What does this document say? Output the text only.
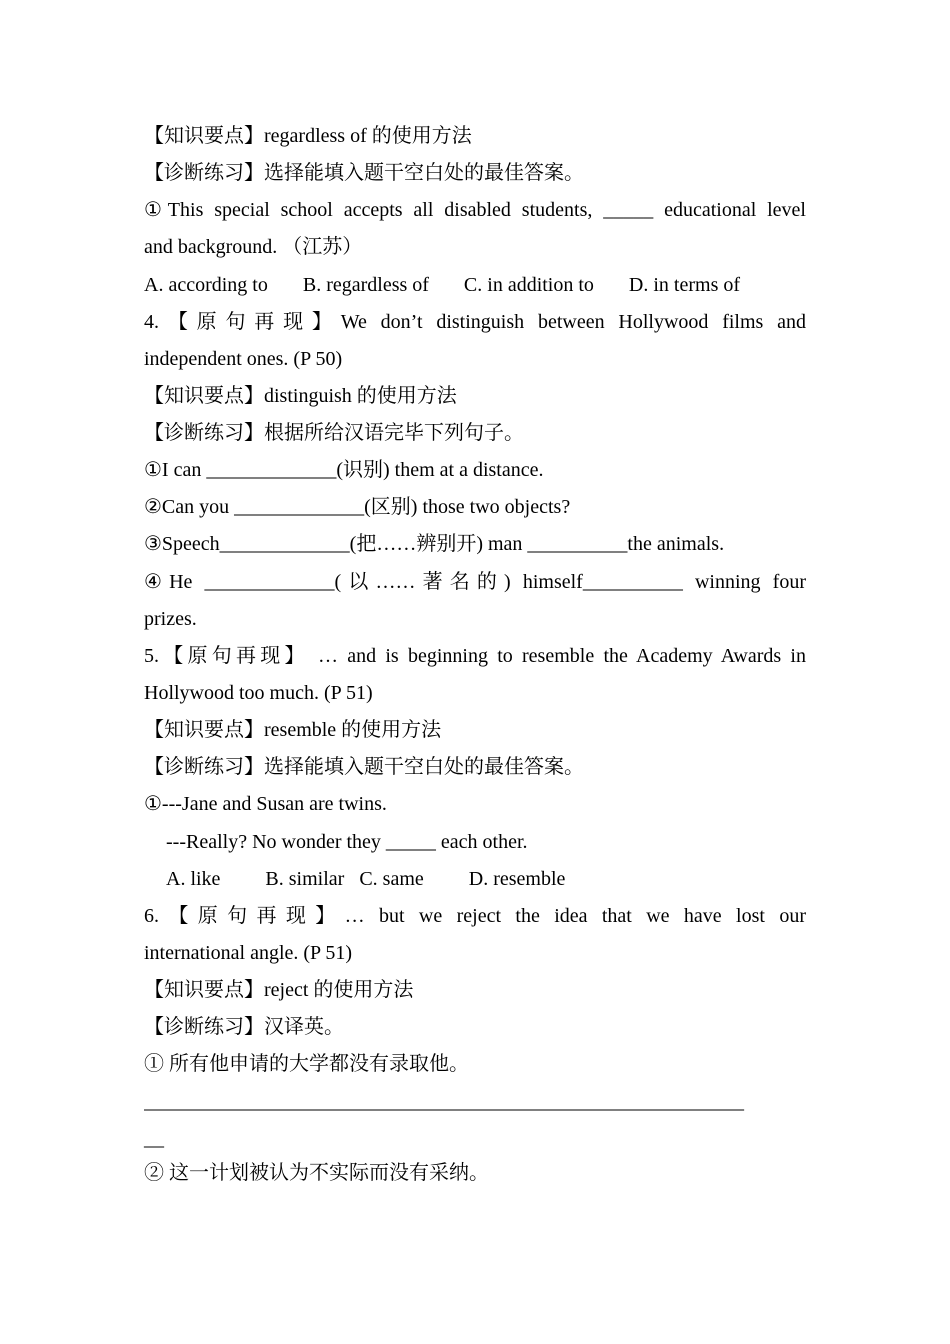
【知识要点】regardless of 的使用方法
【诊断练习】选择能填入题干空白处的最佳答案。
①This special school accepts all disabled students, _____ educational level
and background. （江苏）
A. according to       B. regardless of       C. in addition to       D. in terms of
4.【原句再现】We don’t distinguish between Hollywood films and
independent ones. (P 50)
【知识要点】distinguish 的使用方法
【诊断练习】根据所给汉语完毕下列句子。
①I can _____________(识别) them at a distance.
②Can you _____________(区别) those two objects?
③Speech_____________(把……辨别开) man __________the animals.
④He _____________(以……著名的) himself__________ winning four
prizes.
5.【原句再现】 … and is beginning to resemble the Academy Awards in
Hollywood too much. (P 51)
【知识要点】resemble 的使用方法
【诊断练习】选择能填入题干空白处的最佳答案。
①---Jane and Susan are twins.
---Really? No wonder they _____ each other.
A. like         B. similar   C. same         D. resemble
6.【原句再现】… but we reject the idea that we have lost our
international angle. (P 51)
【知识要点】reject 的使用方法
【诊断练习】汉译英。
① 所有他申请的大学都没有录取他。
____________________________________________________________
__
② 这一计划被认为不实际而没有采纳。
